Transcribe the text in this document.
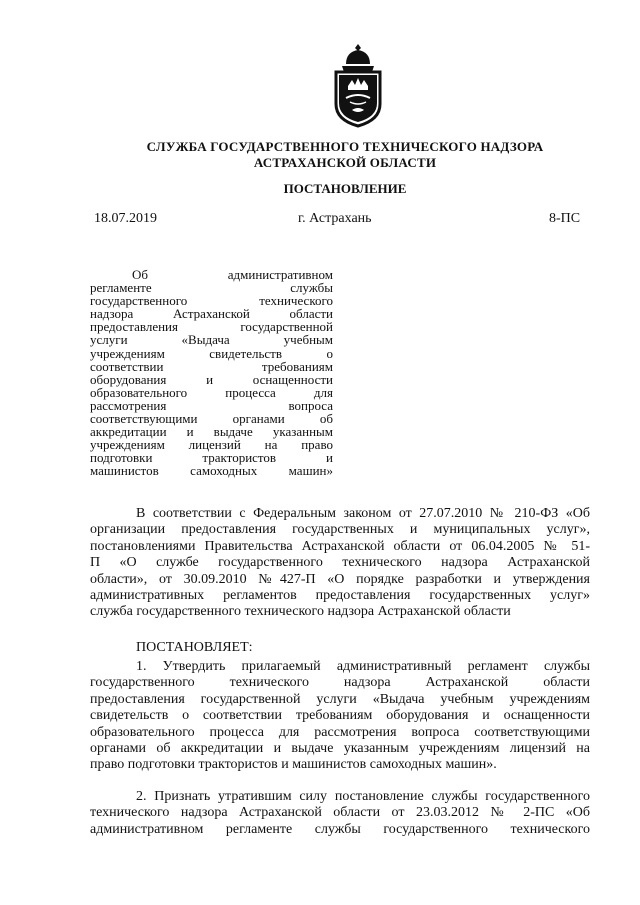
СЛУЖБА ГОСУДАРСТВЕННОГО ТЕХНИЧЕСКОГО НАДЗОРА
АСТРАХАНСКОЙ ОБЛАСТИ
ПОСТАНОВЛЕНИЕ
18.07.2019	г. Астрахань	8-ПС
Об административном
регламенте службы
государственного технического
надзора Астраханской области
предоставления государственной
услуги «Выдача учебным
учреждениям свидетельств о
соответствии требованиям
оборудования и оснащенности
образовательного процесса для
рассмотрения вопроса
соответствующими органами об
аккредитации и выдаче указанным
учреждениям лицензий на право
подготовки трактористов и
машинистов самоходных машин»
В соответствии с Федеральным законом от 27.07.2010 № 210-ФЗ «Об
организации предоставления государственных и муниципальных услуг»,
постановлениями Правительства Астраханской области от 06.04.2005 № 51-
П «О службе государственного технического надзора Астраханской
области», от 30.09.2010 №427-П «О порядке разработки и утверждения
административных регламентов предоставления государственных услуг»
служба государственного технического надзора Астраханской области
ПОСТАНОВЛЯЕТ:
1. Утвердить прилагаемый административный регламент службы
государственного технического надзора Астраханской области
предоставления государственной услуги «Выдача учебным учреждениям
свидетельств о соответствии требованиям оборудования и оснащенности
образовательного процесса для рассмотрения вопроса соответствующими
органами об аккредитации и выдаче указанным учреждениям лицензий на
право подготовки трактористов и машинистов самоходных машин».
2. Признать утратившим силу постановление службы государственного
технического надзора Астраханской области от 23.03.2012 № 2-ПС «Об
административном регламенте службы государственного технического
